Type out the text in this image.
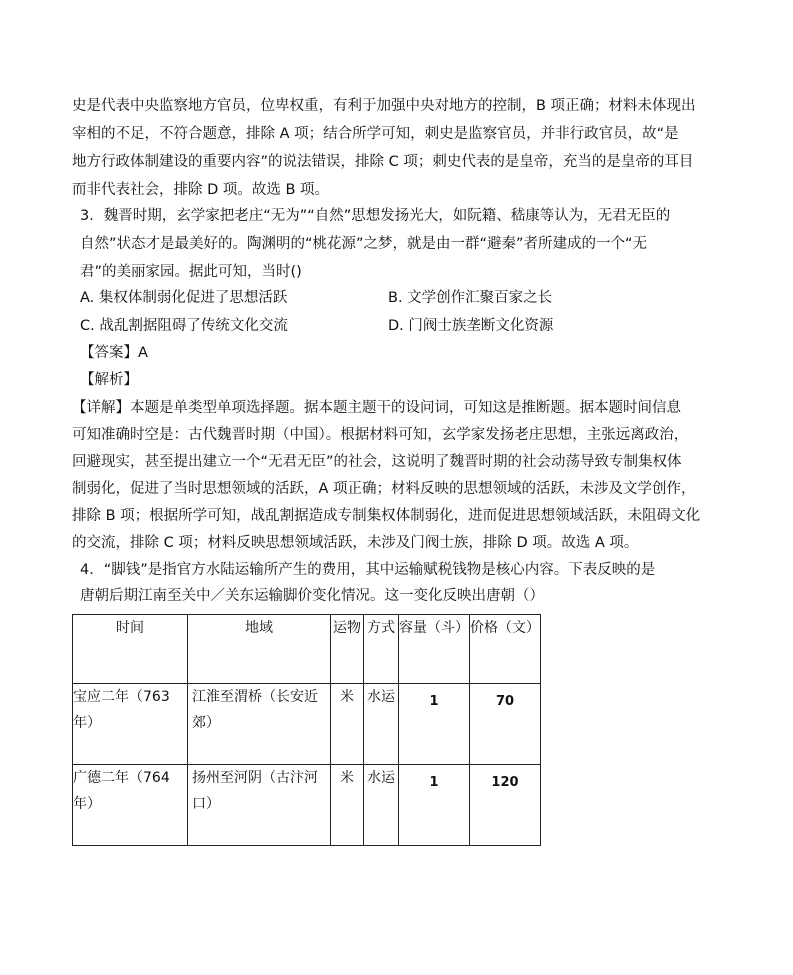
史是代表中央监察地方官员，位卑权重，有利于加强中央对地方的控制，B 项正确；材料未体现出
宰相的不足，不符合题意，排除 A 项；结合所学可知，刺史是监察官员，并非行政官员，故“是
地方行政体制建设的重要内容”的说法错误，排除 C 项；刺史代表的是皇帝，充当的是皇帝的耳目
而非代表社会，排除 D 项。故选 B 项。
3．魏晋时期，玄学家把老庄“无为”“自然”思想发扬光大，如阮籍、嵇康等认为，无君无臣的
自然”状态才是最美好的。陶渊明的“桃花源”之梦，就是由一群“避秦”者所建成的一个“无
君”的美丽家园。据此可知，当时()
A. 集权体制弱化促进了思想活跃	B. 文学创作汇聚百家之长
C. 战乱割据阻碍了传统文化交流	D. 门阀士族垄断文化资源
【答案】A
【解析】
【详解】本题是单类型单项选择题。据本题主题干的设问词，可知这是推断题。据本题时间信息
可知准确时空是：古代魏晋时期（中国）。根据材料可知，玄学家发扬老庄思想，主张远离政治，
回避现实，甚至提出建立一个“无君无臣”的社会，这说明了魏晋时期的社会动荡导致专制集权体
制弱化，促进了当时思想领域的活跃，A 项正确；材料反映的思想领域的活跃，未涉及文学创作，
排除 B 项；根据所学可知，战乱割据造成专制集权体制弱化，进而促进思想领域活跃，未阻碍文化
的交流，排除 C 项；材料反映思想领域活跃，未涉及门阀士族，排除 D 项。故选 A 项。
4．“脚钱”是指官方水陆运输所产生的费用，其中运输赋税钱物是核心内容。下表反映的是
唐朝后期江南至关中／关东运输脚价变化情况。这一变化反映出唐朝（）
时间	地域	运物	方式	容量（斗）	价格（文）

宝应二年（763 年）	江淮至渭桥（长安近郊）	米	水运	1	70

广德二年（764 年）	扬州至河阴（古汴河口）	米	水运	1	120
